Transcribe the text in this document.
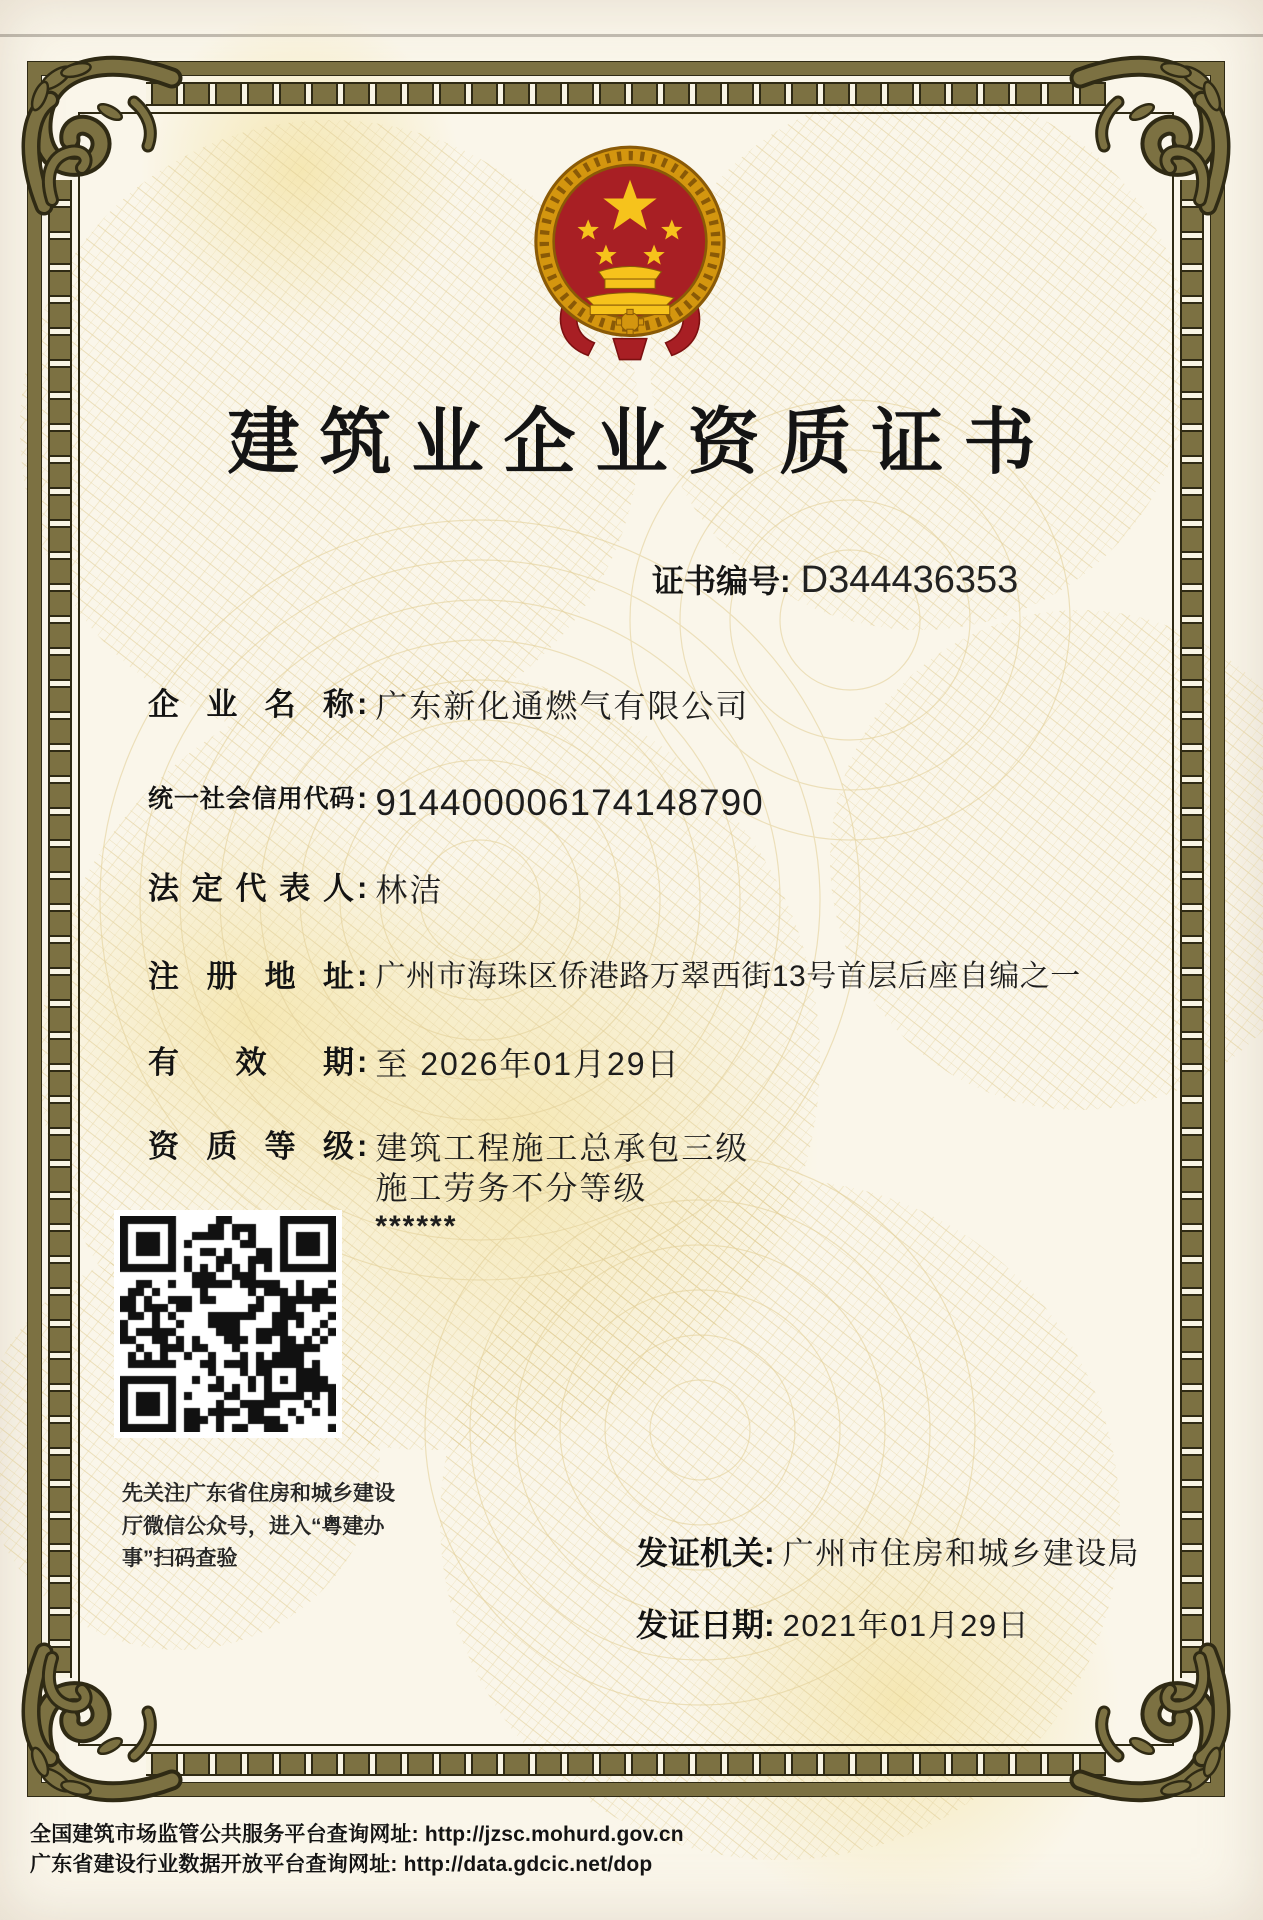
建筑业企业资质证书
证书编号: D344436353
企业名称 : 广东新化通燃气有限公司
统一社会信用代码 : 914400006174148790
法定代表人 : 林洁
注册地址 : 广州市海珠区侨港路万翠西街13号首层后座自编之一
有效期 : 至 2026年01月29日
资质等级 : 建筑工程施工总承包三级
施工劳务不分等级
******
先关注广东省住房和城乡建设厅微信公众号，进入“粤建办事”扫码查验	发证机关: 广州市住房和城乡建设局
发证日期: 2021年01月29日
全国建筑市场监管公共服务平台查询网址: http://jzsc.mohurd.gov.cn
广东省建设行业数据开放平台查询网址: http://data.gdcic.net/dop
